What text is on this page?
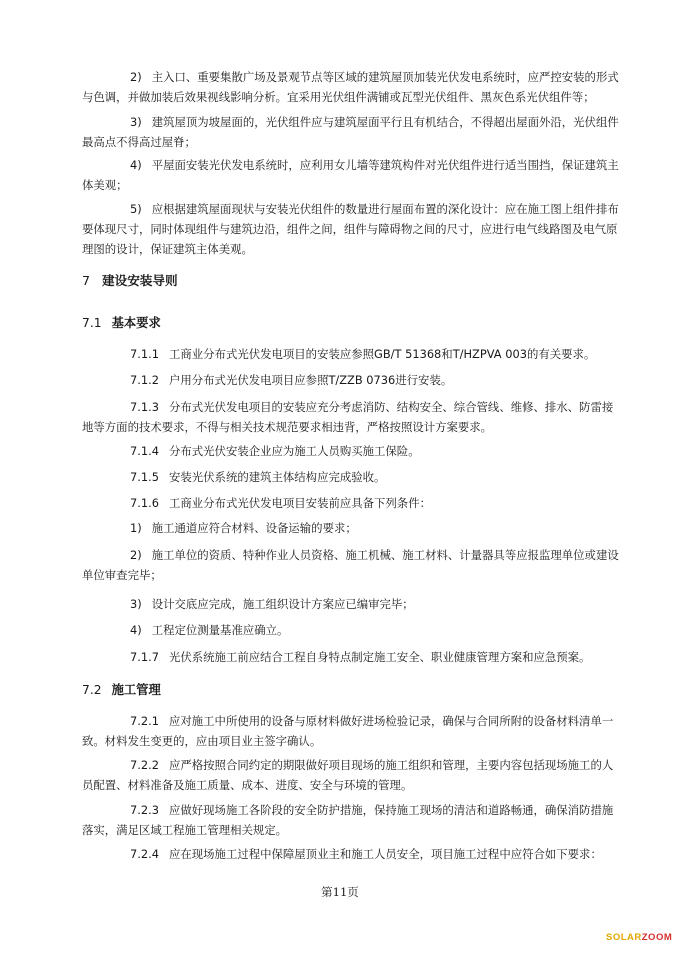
2) 主入口、重要集散广场及景观节点等区域的建筑屋顶加装光伏发电系统时，应严控安装的形式与色调，并做加装后效果视线影响分析。宜采用光伏组件满铺或瓦型光伏组件、黑灰色系光伏组件等；

3) 建筑屋顶为坡屋面的，光伏组件应与建筑屋面平行且有机结合，不得超出屋面外沿，光伏组件最高点不得高过屋脊；

4) 平屋面安装光伏发电系统时，应利用女儿墙等建筑构件对光伏组件进行适当围挡，保证建筑主体美观；

5) 应根据建筑屋面现状与安装光伏组件的数量进行屋面布置的深化设计：应在施工图上组件排布要体现尺寸，同时体现组件与建筑边沿，组件之间，组件与障碍物之间的尺寸，应进行电气线路图及电气原理图的设计，保证建筑主体美观。

7 建设安装导则
7.1 基本要求

7.1.1 工商业分布式光伏发电项目的安装应参照GB/T 51368和T/HZPVA 003的有关要求。

7.1.2 户用分布式光伏发电项目应参照T/ZZB 0736进行安装。

7.1.3 分布式光伏发电项目的安装应充分考虑消防、结构安全、综合管线、维修、排水、防雷接地等方面的技术要求，不得与相关技术规范要求相违背，严格按照设计方案要求。

7.1.4 分布式光伏安装企业应为施工人员购买施工保险。

7.1.5 安装光伏系统的建筑主体结构应完成验收。

7.1.6 工商业分布式光伏发电项目安装前应具备下列条件：

1) 施工通道应符合材料、设备运输的要求；

2) 施工单位的资质、特种作业人员资格、施工机械、施工材料、计量器具等应报监理单位或建设单位审查完毕；

3) 设计交底应完成，施工组织设计方案应已编审完毕；

4) 工程定位测量基准应确立。

7.1.7 光伏系统施工前应结合工程自身特点制定施工安全、职业健康管理方案和应急预案。

7.2 施工管理

7.2.1 应对施工中所使用的设备与原材料做好进场检验记录，确保与合同所附的设备材料清单一致。材料发生变更的，应由项目业主签字确认。

7.2.2 应严格按照合同约定的期限做好项目现场的施工组织和管理，主要内容包括现场施工的人员配置、材料准备及施工质量、成本、进度、安全与环境的管理。

7.2.3 应做好现场施工各阶段的安全防护措施，保持施工现场的清洁和道路畅通，确保消防措施落实，满足区域工程施工管理相关规定。

7.2.4 应在现场施工过程中保障屋顶业主和施工人员安全，项目施工过程中应符合如下要求：

第11页
SOLARZOOM
